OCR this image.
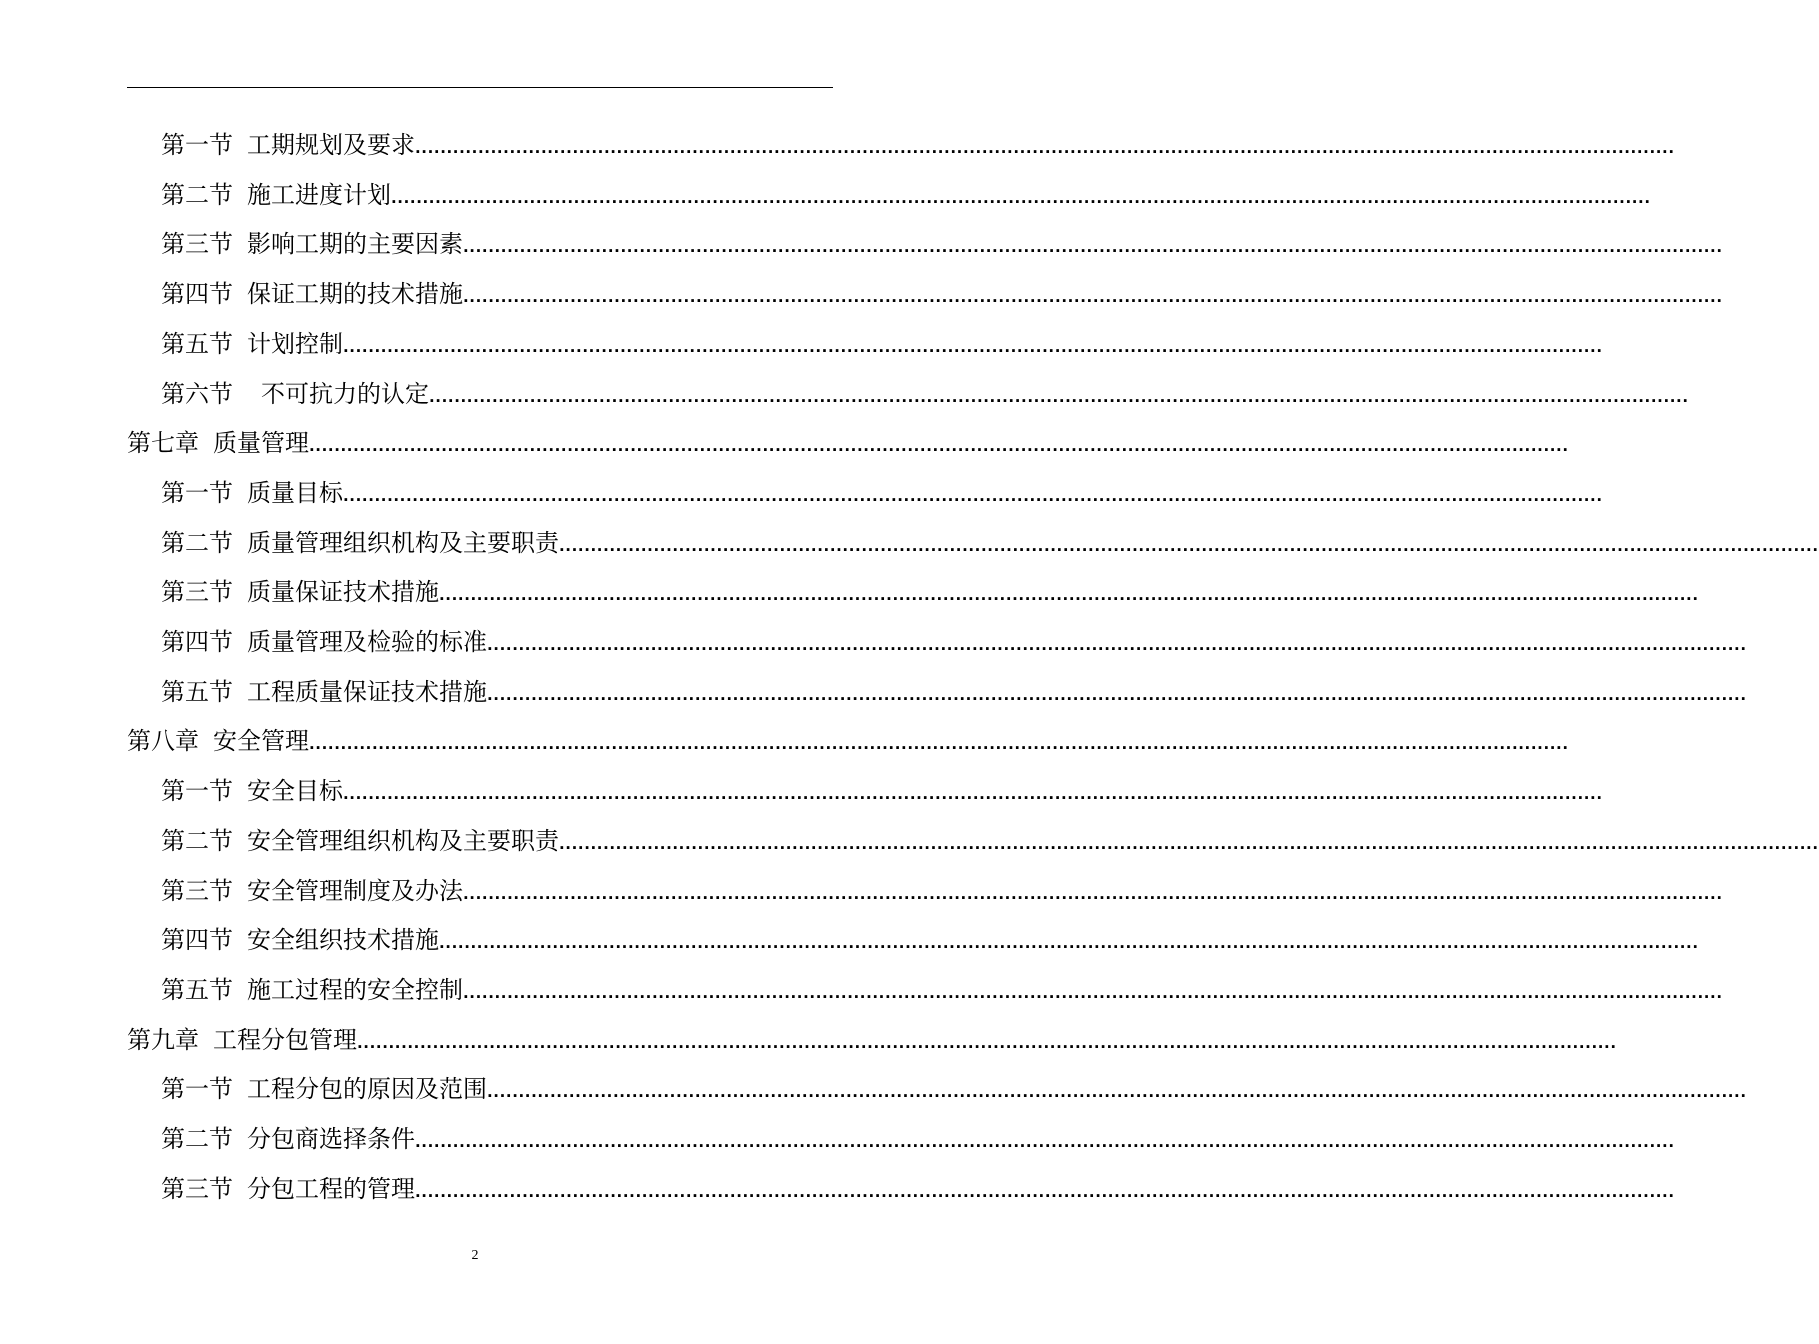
第一节 工期规划及要求 ........................................................................................................................................................................................................
第二节 施工进度计划 ........................................................................................................................................................................................................
第三节 影响工期的主要因素 ........................................................................................................................................................................................................
第四节 保证工期的技术措施 ........................................................................................................................................................................................................
第五节 计划控制 ........................................................................................................................................................................................................
第六节 不可抗力的认定 ........................................................................................................................................................................................................
第七章 质量管理 ........................................................................................................................................................................................................
第一节 质量目标 ........................................................................................................................................................................................................
第二节 质量管理组织机构及主要职责 ........................................................................................................................................................................................................
第三节 质量保证技术措施 ........................................................................................................................................................................................................
第四节 质量管理及检验的标准 ........................................................................................................................................................................................................
第五节 工程质量保证技术措施 ........................................................................................................................................................................................................
第八章 安全管理 ........................................................................................................................................................................................................
第一节 安全目标 ........................................................................................................................................................................................................
第二节 安全管理组织机构及主要职责 ........................................................................................................................................................................................................
第三节 安全管理制度及办法 ........................................................................................................................................................................................................
第四节 安全组织技术措施 ........................................................................................................................................................................................................
第五节 施工过程的安全控制 ........................................................................................................................................................................................................
第九章 工程分包管理 ........................................................................................................................................................................................................
第一节 工程分包的原因及范围 ........................................................................................................................................................................................................
第二节 分包商选择条件 ........................................................................................................................................................................................................
第三节 分包工程的管理 ........................................................................................................................................................................................................
2
